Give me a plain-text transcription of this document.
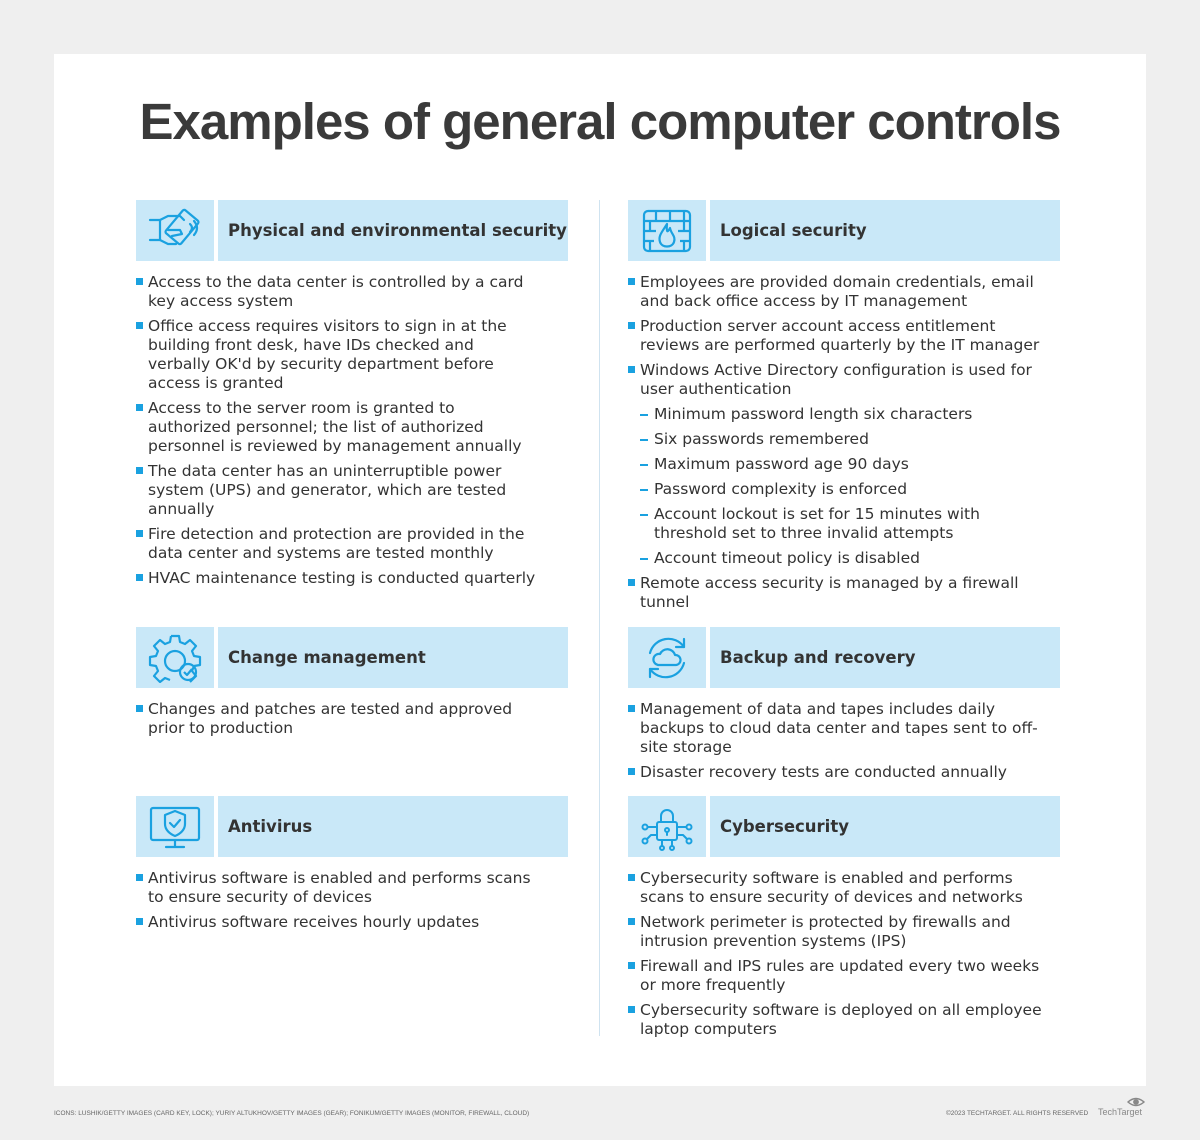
Examples of general computer controls
Physical and environmental security
Access to the data center is controlled by a card key access system
Office access requires visitors to sign in at the building front desk, have IDs checked and verbally OK'd by security department before access is granted
Access to the server room is granted to authorized personnel; the list of authorized personnel is reviewed by management annually
The data center has an uninterruptible power system (UPS) and generator, which are tested annually
Fire detection and protection are provided in the data center and systems are tested monthly
HVAC maintenance testing is conducted quarterly
Logical security
Employees are provided domain credentials, email and back office access by IT management
Production server account access entitlement reviews are performed quarterly by the IT manager
Windows Active Directory configuration is used for user authentication
Minimum password length six characters
Six passwords remembered
Maximum password age 90 days
Password complexity is enforced
Account lockout is set for 15 minutes with threshold set to three invalid attempts
Account timeout policy is disabled
Remote access security is managed by a firewall tunnel
Change management
Changes and patches are tested and approved prior to production
Backup and recovery
Management of data and tapes includes daily backups to cloud data center and tapes sent to off-site storage
Disaster recovery tests are conducted annually
Antivirus
Antivirus software is enabled and performs scans to ensure security of devices
Antivirus software receives hourly updates
Cybersecurity
Cybersecurity software is enabled and performs scans to ensure security of devices and networks
Network perimeter is protected by firewalls and intrusion prevention systems (IPS)
Firewall and IPS rules are updated every two weeks or more frequently
Cybersecurity software is deployed on all employee laptop computers
ICONS: LUSHIK/GETTY IMAGES (CARD KEY, LOCK); YURIY ALTUKHOV/GETTY IMAGES (GEAR); FONIKUM/GETTY IMAGES (MONITOR, FIREWALL, CLOUD)	©2023 TECHTARGET. ALL RIGHTS RESERVED TechTarget
